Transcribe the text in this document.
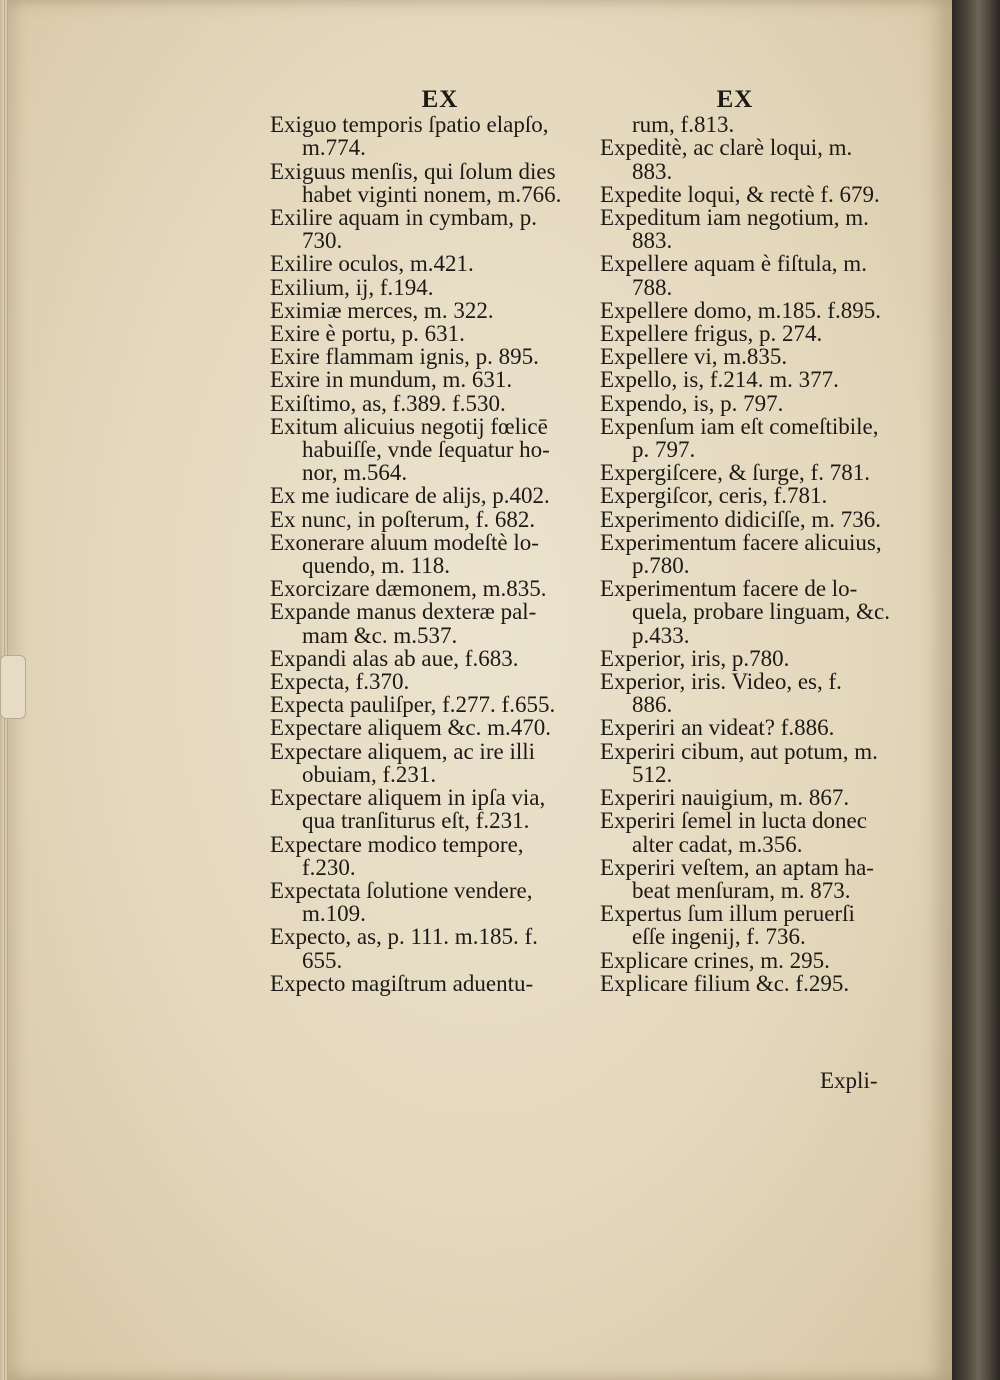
EX
Exiguo temporis ſpatio elapſo,
m.774.
Exiguus menſis, qui ſolum dies
habet viginti nonem, m.766.
Exilire aquam in cymbam, p.
730.
Exilire oculos, m.421.
Exilium, ij, f.194.
Eximiæ merces, m. 322.
Exire è portu, p. 631.
Exire flammam ignis, p. 895.
Exire in mundum, m. 631.
Exiſtimo, as, f.389. f.530.
Exitum alicuius negotij fœlicē
habuiſſe, vnde ſequatur ho-
nor, m.564.
Ex me iudicare de alijs, p.402.
Ex nunc, in poſterum, f. 682.
Exonerare aluum modeſtè lo-
quendo, m. 118.
Exorcizare dæmonem, m.835.
Expande manus dexteræ pal-
mam &c. m.537.
Expandi alas ab aue, f.683.
Expecta, f.370.
Expecta pauliſper, f.277. f.655.
Expectare aliquem &c. m.470.
Expectare aliquem, ac ire illi
obuiam, f.231.
Expectare aliquem in ipſa via,
qua tranſiturus eſt, f.231.
Expectare modico tempore,
f.230.
Expectata ſolutione vendere,
m.109.
Expecto, as, p. 111. m.185. f.
655.
Expecto magiſtrum aduentu-
EX
rum, f.813.
Expeditè, ac clarè loqui, m.
883.
Expedite loqui, & rectè f. 679.
Expeditum iam negotium, m.
883.
Expellere aquam è fiſtula, m.
788.
Expellere domo, m.185. f.895.
Expellere frigus, p. 274.
Expellere vi, m.835.
Expello, is, f.214. m. 377.
Expendo, is, p. 797.
Expenſum iam eſt comeſtibile,
p. 797.
Expergiſcere, & ſurge, f. 781.
Expergiſcor, ceris, f.781.
Experimento didiciſſe, m. 736.
Experimentum facere alicuius,
p.780.
Experimentum facere de lo-
quela, probare linguam, &c.
p.433.
Experior, iris, p.780.
Experior, iris. Video, es, f.
886.
Experiri an videat? f.886.
Experiri cibum, aut potum, m.
512.
Experiri nauigium, m. 867.
Experiri ſemel in lucta donec
alter cadat, m.356.
Experiri veſtem, an aptam ha-
beat menſuram, m. 873.
Expertus ſum illum peruerſi
eſſe ingenij, f. 736.
Explicare crines, m. 295.
Explicare filium &c. f.295.
Expli-
